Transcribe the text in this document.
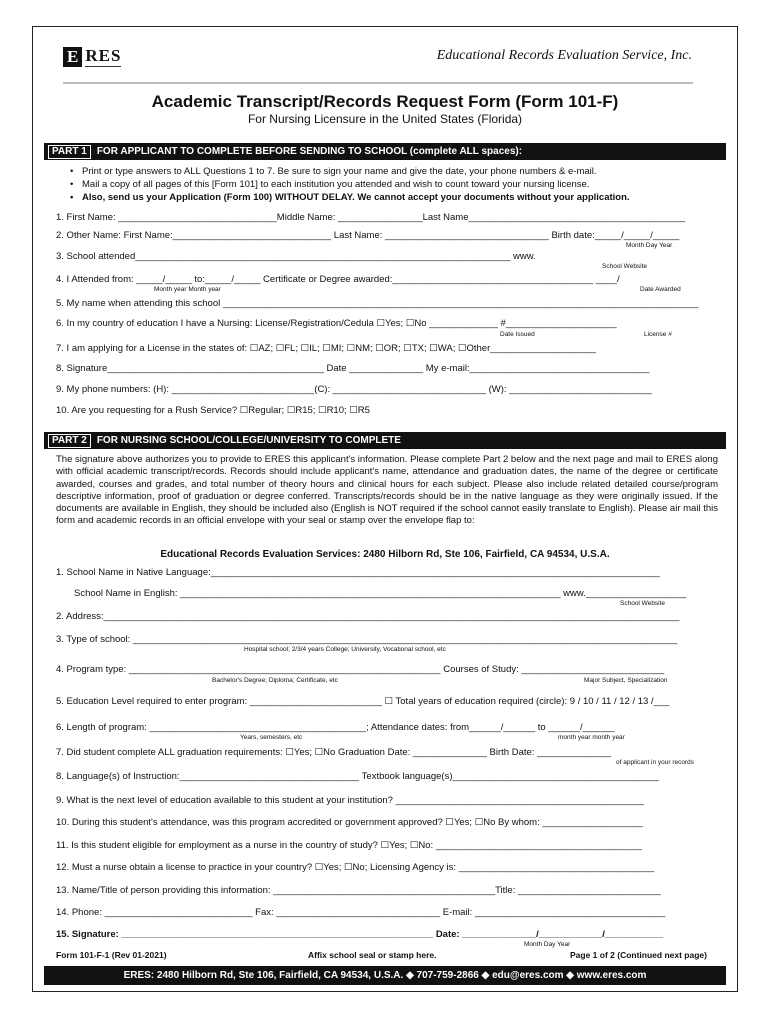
E RES	Educational Records Evaluation Service, Inc.
Academic Transcript/Records Request Form (Form 101-F)
For Nursing Licensure in the United States (Florida)
PART 1	FOR APPLICANT TO COMPLETE BEFORE SENDING TO SCHOOL (complete ALL spaces):
• Print or type answers to ALL Questions 1 to 7. Be sure to sign your name and give the date, your phone numbers & e-mail.
• Mail a copy of all pages of this [Form 101] to each institution you attended and wish to count toward your nursing license.
• Also, send us your Application (Form 100) WITHOUT DELAY. We cannot accept your documents without your application.
1. First Name: ______________________________Middle Name: ________________Last Name_________________________________________
2. Other Name: First Name:______________________________ Last Name: _______________________________ Birth date:_____/_____/_____
Month Day Year
3. School attended_______________________________________________________________________ www.
School Website
4. I Attended from: _____/_____ to:_____/_____ Certificate or Degree awarded:______________________________________ ____/
Month year Month year	Date Awarded
5. My name when attending this school __________________________________________________________________________________________
6. In my country of education I have a Nursing: License/Registration/Cedula ☐Yes; ☐No _____________ #_____________________
Date Issued	License #
7. I am applying for a License in the states of: ☐AZ; ☐FL; ☐IL; ☐MI; ☐NM; ☐OR; ☐TX; ☐WA; ☐Other____________________
8. Signature_________________________________________ Date ______________ My e-mail:__________________________________
9. My phone numbers: (H): ___________________________(C): _____________________________ (W): ___________________________
10. Are you requesting for a Rush Service? ☐Regular; ☐R15; ☐R10; ☐R5
PART 2	FOR NURSING SCHOOL/COLLEGE/UNIVERSITY TO COMPLETE
The signature above authorizes you to provide to ERES this applicant's information. Please complete Part 2 below and the next page and mail to ERES along with official academic transcript/records. Records should include applicant's name, attendance and graduation dates, the name of the degree or certificate awarded, courses and grades, and total number of theory hours and clinical hours for each subject. Please also include related detailed course/program descriptive information, proof of graduation or degree conferred. Transcripts/records should be in the native language as they were originally issued. If the documents are available in English, they should be included also (English is NOT required if the school cannot easily translate to English). Please air mail this form and academic records in an official envelope with your seal or stamp over the envelope flap to:
Educational Records Evaluation Services: 2480 Hilborn Rd, Ste 106, Fairfield, CA 94534, U.S.A.
1. School Name in Native Language:_____________________________________________________________________________________
School Name in English: ________________________________________________________________________ www.___________________
School Website
2. Address:_____________________________________________________________________________________________________________
3. Type of school: _______________________________________________________________________________________________________
Hospital school; 2/3/4 years College; University, Vocational school, etc
4. Program type: ___________________________________________________________ Courses of Study: ___________________________
Bachelor's Degree; Diploma; Certificate, etc	Major Subject, Specialization
5. Education Level required to enter program: _________________________ ☐ Total years of education required (circle): 9 / 10 / 11 / 12 / 13 /___
6. Length of program: _________________________________________; Attendance dates: from______/______ to ______/______
Years, semesters, etc	month year month year
7. Did student complete ALL graduation requirements: ☐Yes; ☐No Graduation Date: ______________ Birth Date: ______________
of applicant in your records
8. Language(s) of Instruction:__________________________________ Textbook language(s)_______________________________________
9. What is the next level of education available to this student at your institution? _______________________________________________
10. During this student's attendance, was this program accredited or government approved? ☐Yes; ☐No By whom: ___________________
11. Is this student eligible for employment as a nurse in the country of study? ☐Yes; ☐No: _______________________________________
12. Must a nurse obtain a license to practice in your country? ☐Yes; ☐No; Licensing Agency is: _____________________________________
13. Name/Title of person providing this information: __________________________________________Title: ___________________________
14. Phone: ____________________________ Fax: _______________________________ E-mail: ____________________________________
15. Signature: ___________________________________________________________ Date: ______________/____________/___________
Month Day Year
Form 101-F-1 (Rev 01-2021)	Affix school seal or stamp here.	Page 1 of 2 (Continued next page)
ERES: 2480 Hilborn Rd, Ste 106, Fairfield, CA 94534, U.S.A. ◆ 707-759-2866 ◆ edu@eres.com ◆ www.eres.com
